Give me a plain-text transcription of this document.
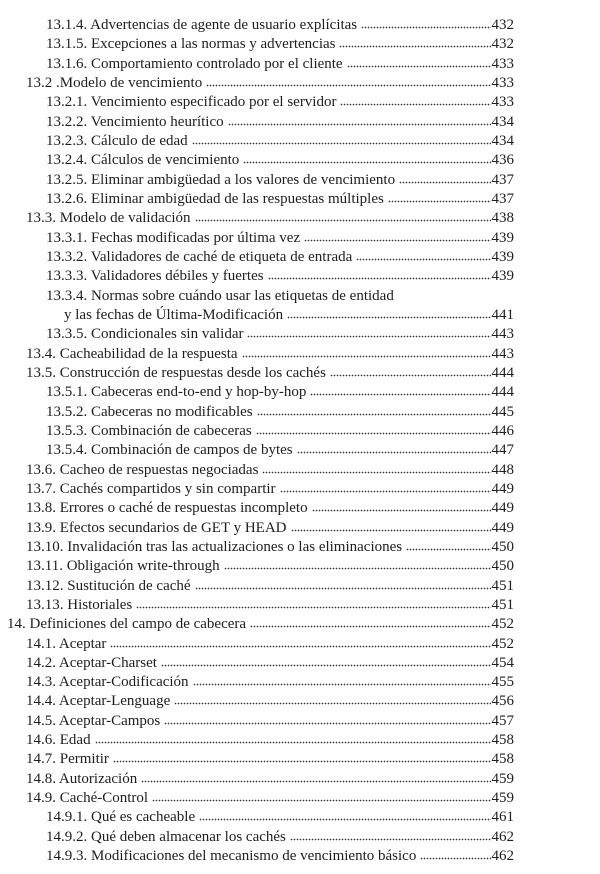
13.1.4. Advertencias de agente de usuario explícitas	432
13.1.5. Excepciones a las normas y advertencias	432
13.1.6. Comportamiento controlado por el cliente	433
13.2 .Modelo de vencimiento	433
13.2.1. Vencimiento especificado por el servidor	433
13.2.2. Vencimiento heurítico	434
13.2.3. Cálculo de edad	434
13.2.4. Cálculos de vencimiento	436
13.2.5. Eliminar ambigüedad a los valores de vencimiento	437
13.2.6. Eliminar ambigüedad de las respuestas múltiples	437
13.3. Modelo de validación	438
13.3.1. Fechas modificadas por última vez	439
13.3.2. Validadores de caché de etiqueta de entrada	439
13.3.3. Validadores débiles y fuertes	439
13.3.4. Normas sobre cuándo usar las etiquetas de entidad
y las fechas de Última-Modificación	441
13.3.5. Condicionales sin validar	443
13.4. Cacheabilidad de la respuesta	443
13.5. Construcción de respuestas desde los cachés	444
13.5.1. Cabeceras end-to-end y hop-by-hop	444
13.5.2. Cabeceras no modificables	445
13.5.3. Combinación de cabeceras	446
13.5.4. Combinación de campos de bytes	447
13.6. Cacheo de respuestas negociadas	448
13.7. Cachés compartidos y sin compartir	449
13.8. Errores o caché de respuestas incompleto	449
13.9. Efectos secundarios de GET y HEAD	449
13.10. Invalidación tras las actualizaciones o las eliminaciones	450
13.11. Obligación write-through	450
13.12. Sustitución de caché	451
13.13. Historiales	451
14. Definiciones del campo de cabecera	452
14.1. Aceptar	452
14.2. Aceptar-Charset	454
14.3. Aceptar-Codificación	455
14.4. Aceptar-Lenguage	456
14.5. Aceptar-Campos	457
14.6. Edad	458
14.7. Permitir	458
14.8. Autorización	459
14.9. Caché-Control	459
14.9.1. Qué es cacheable	461
14.9.2. Qué deben almacenar los cachés	462
14.9.3. Modificaciones del mecanismo de vencimiento básico	462
